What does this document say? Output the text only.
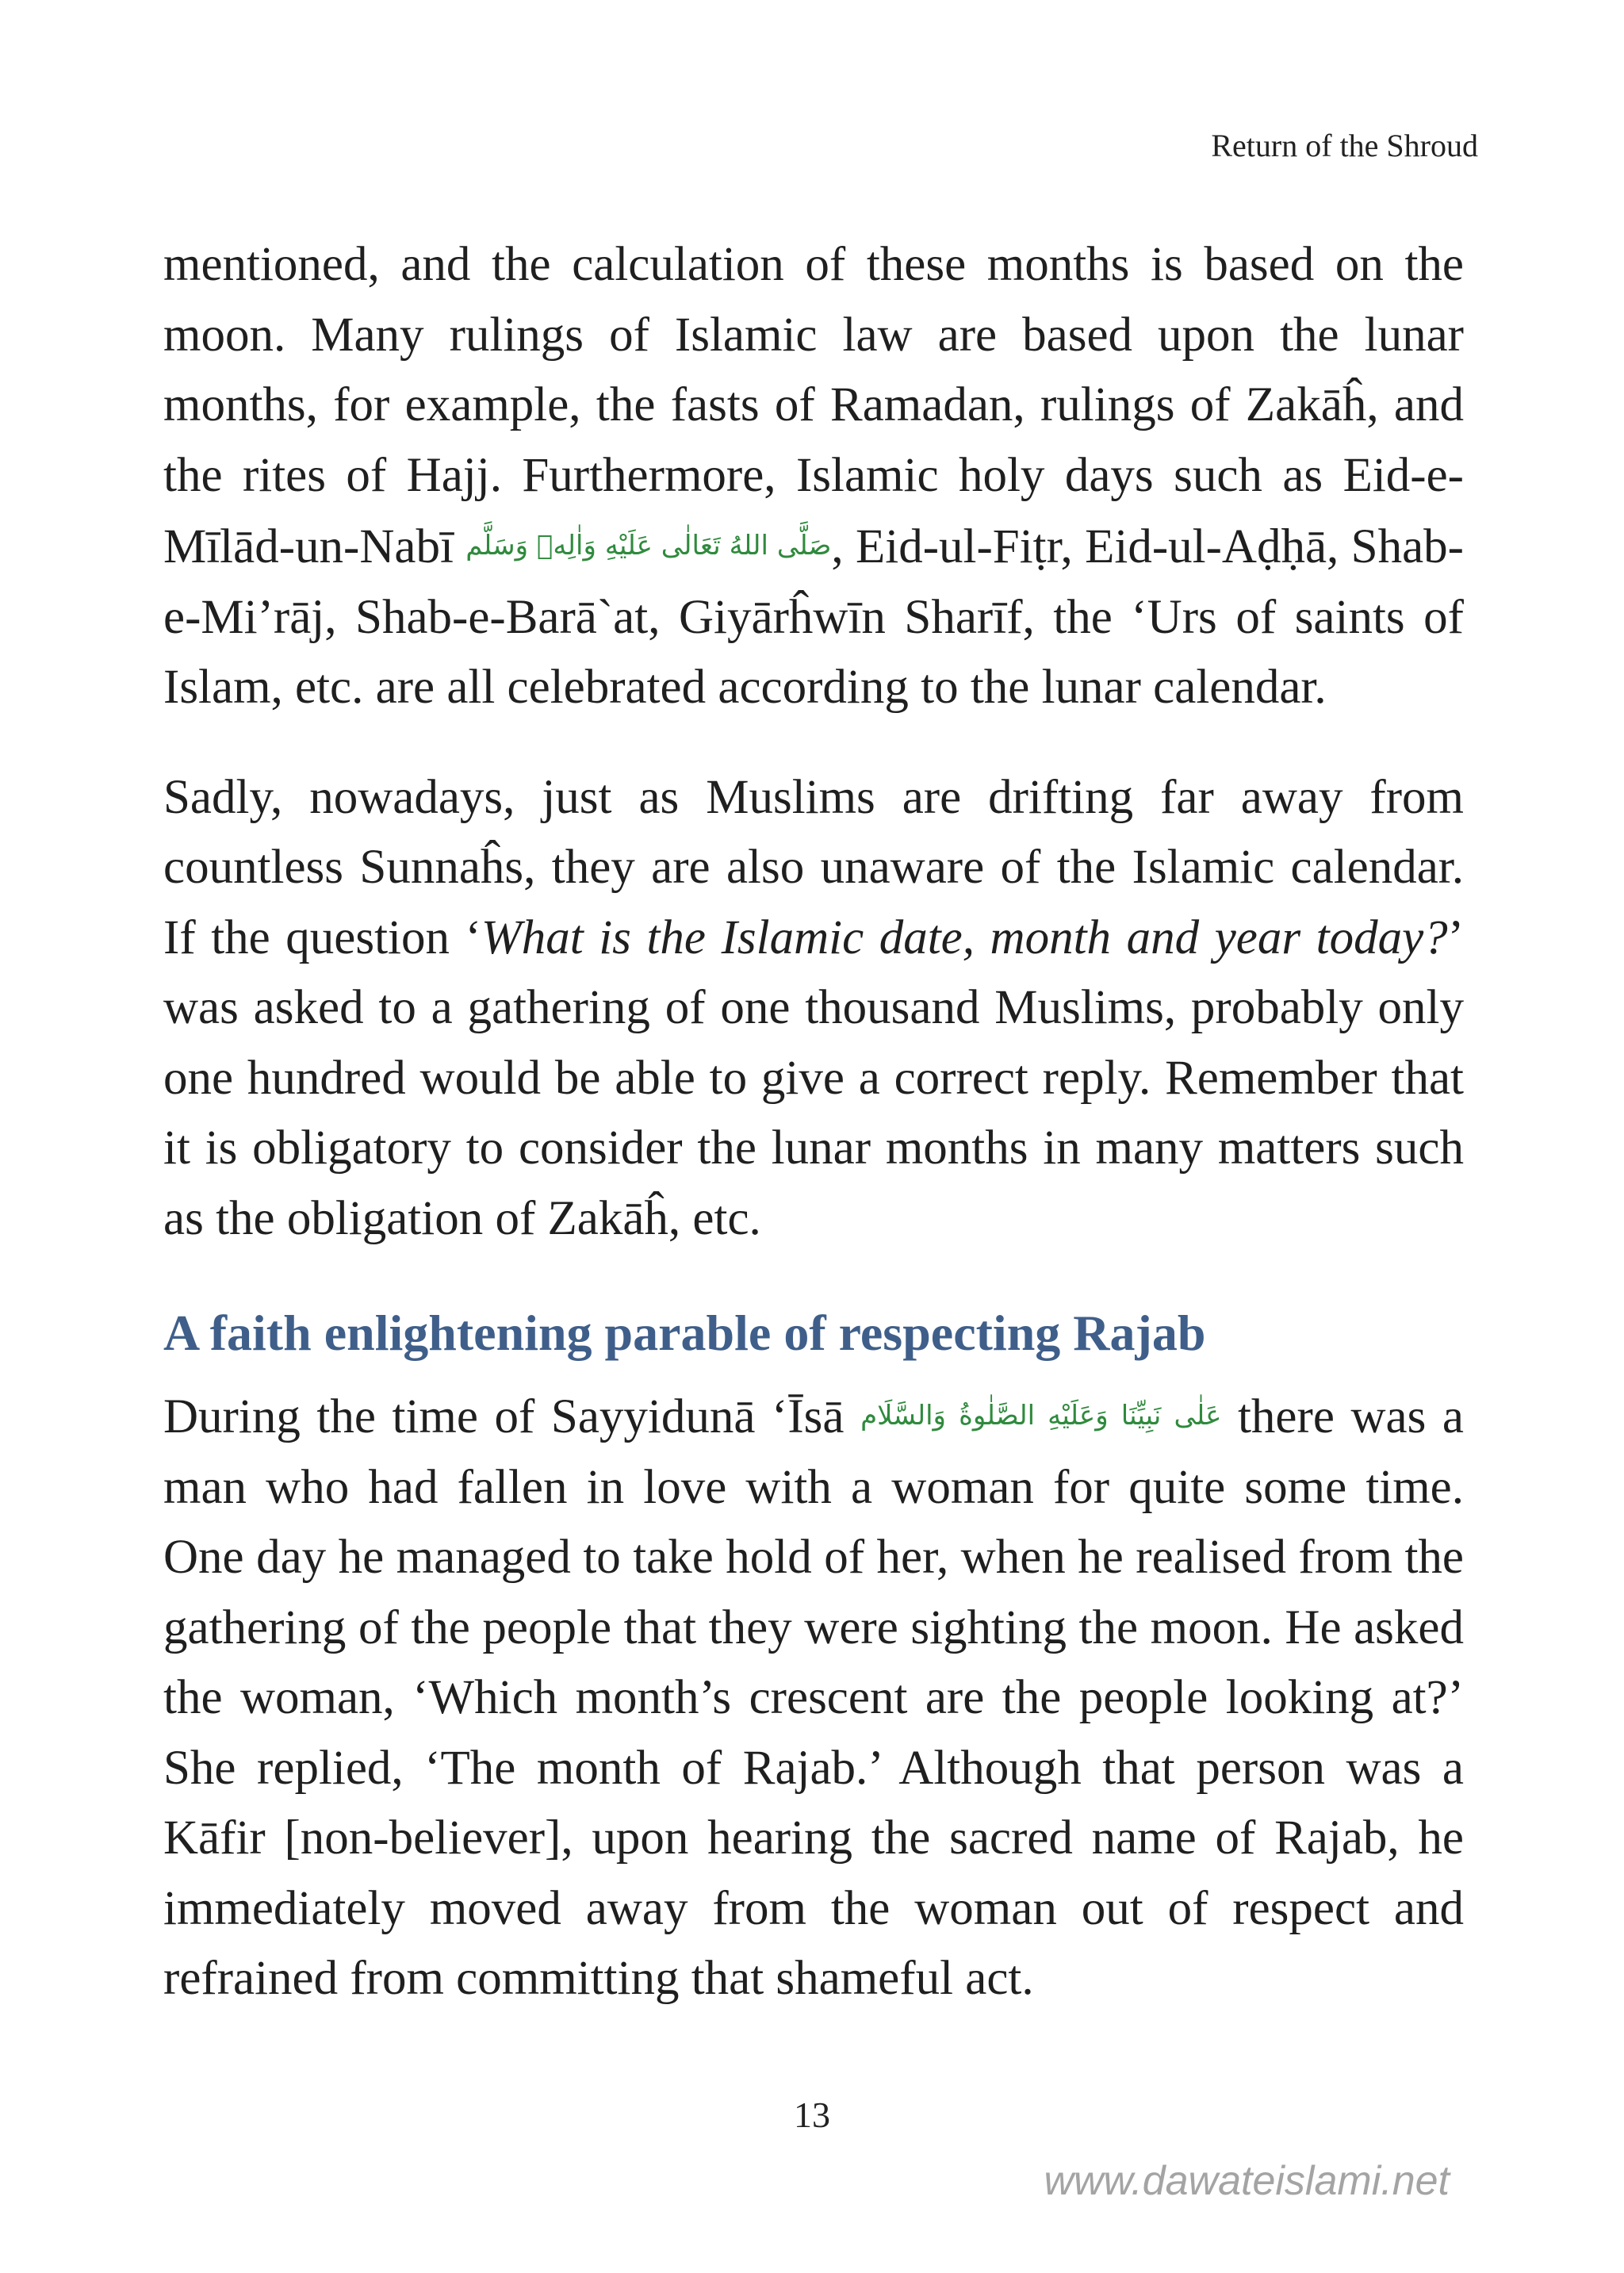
Return of the Shroud

mentioned, and the calculation of these months is based on the moon. Many rulings of Islamic law are based upon the lunar months, for example, the fasts of Ramadan, rulings of Zakāĥ, and the rites of Hajj. Furthermore, Islamic holy days such as Eid-e-Mīlād-un-Nabī صَلَّى اللهُ تَعَالٰى عَلَيْهِ وَاٰلِهٖ وَسَلَّم, Eid-ul-Fiṭr, Eid-ul-Aḍḥā, Shab-e-Mi’rāj, Shab-e-Barā`at, Giyārĥwīn Sharīf, the ‘Urs of saints of Islam, etc. are all celebrated according to the lunar calendar.

Sadly, nowadays, just as Muslims are drifting far away from countless Sunnaĥs, they are also unaware of the Islamic calendar. If the question ‘What is the Islamic date, month and year today?’ was asked to a gathering of one thousand Muslims, probably only one hundred would be able to give a correct reply. Remember that it is obligatory to consider the lunar months in many matters such as the obligation of Zakāĥ, etc.

A faith enlightening parable of respecting Rajab

During the time of Sayyidunā ‘Īsā عَلٰى نَبِيِّنَا وَعَلَيْهِ الصَّلٰوةُ وَالسَّلَام there was a man who had fallen in love with a woman for quite some time. One day he managed to take hold of her, when he realised from the gathering of the people that they were sighting the moon. He asked the woman, ‘Which month’s crescent are the people looking at?’ She replied, ‘The month of Rajab.’ Although that person was a Kāfir [non-believer], upon hearing the sacred name of Rajab, he immediately moved away from the woman out of respect and refrained from committing that shameful act.

13
www.dawateislami.net
